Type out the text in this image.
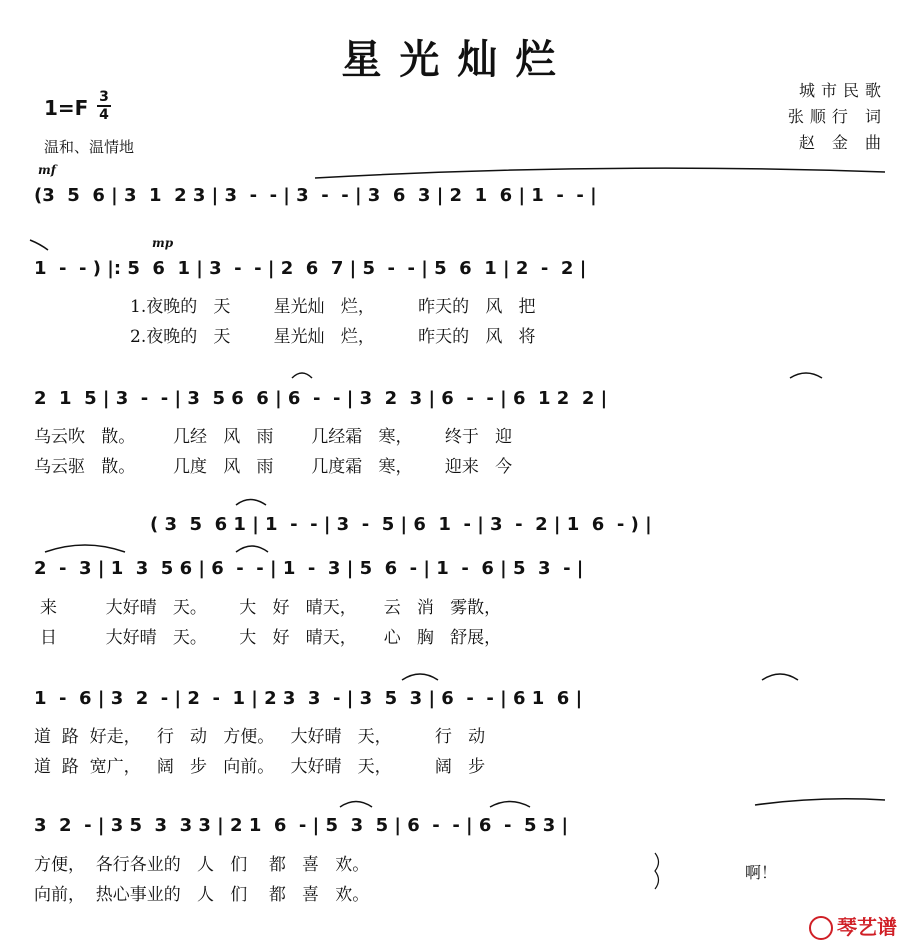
星光灿烂
1=F 3
4
温和、温情地
城市民歌
张顺行 词
赵 金 曲
mf
mp
(3  5  6 | 3  1  2 3 | 3  -  - | 3  -  - | 3  6  3 | 2  1  6 | 1  -  - |
1  -  - ) |: 5  6  1 | 3  -  - | 2  6  7 | 5  -  - | 5  6  1 | 2  -  2 |
1.夜晚的   天        星光灿   烂，        昨天的   风   把
2.夜晚的   天        星光灿   烂，        昨天的   风   将
2  1  5 | 3  -  - | 3  5 6  6 | 6  -  - | 3  2  3 | 6  -  - | 6  1 2  2 |
乌云吹   散。       几经   风   雨       几经霜   寒，      终于   迎
乌云驱   散。       几度   风   雨       几度霜   寒，      迎来   今
( 3  5  6 1 | 1  -  - | 3  -  5 | 6  1  - | 3  -  2 | 1  6  - ) |
2  -  3 | 1  3  5 6 | 6  -  - | 1  -  3 | 5  6  - | 1  -  6 | 5  3  - |
来         大好晴   天。      大   好   晴天，     云   消   雾散，
日         大好晴   天。      大   好   晴天，     心   胸   舒展，
1  -  6 | 3  2  - | 2  -  1 | 2 3  3  - | 3  5  3 | 6  -  - | 6 1  6 |
道  路  好走，   行   动   方便。   大好晴   天，        行   动
道  路  宽广，   阔   步   向前。   大好晴   天，        阔   步
3  2  - | 3 5  3  3 3 | 2 1  6  - | 5  3  5 | 6  -  - | 6  -  5 3 |
方便，  各行各业的   人   们    都   喜   欢。
向前，  热心事业的   人   们    都   喜   欢。
啊！
琴艺谱
